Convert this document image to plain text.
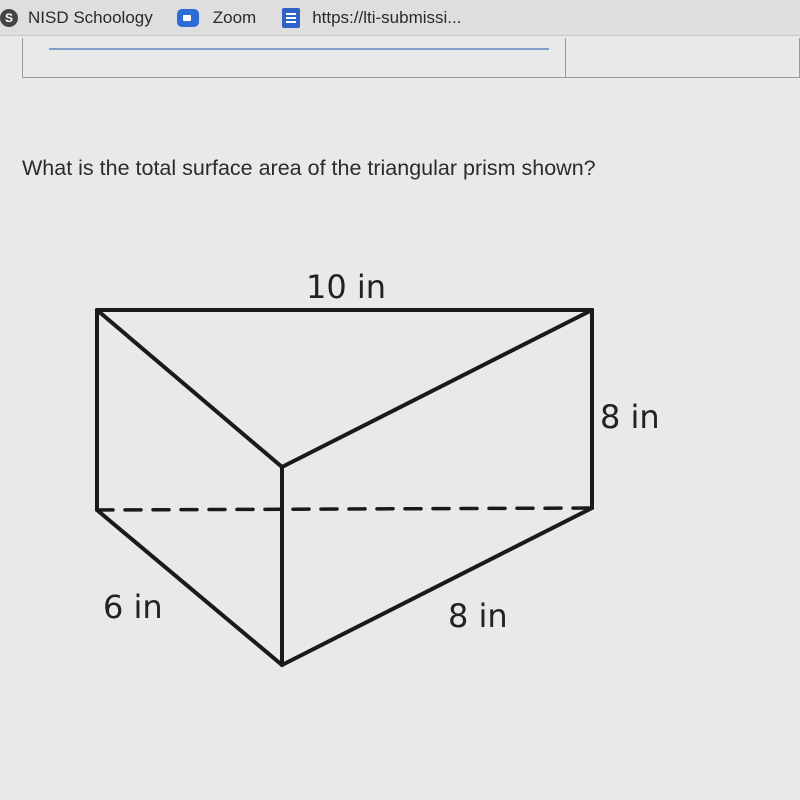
S NISD Schoology	Zoom	https://lti-submissi...
What is the total surface area of the triangular prism shown?
10 in
8 in
6 in	8 in
